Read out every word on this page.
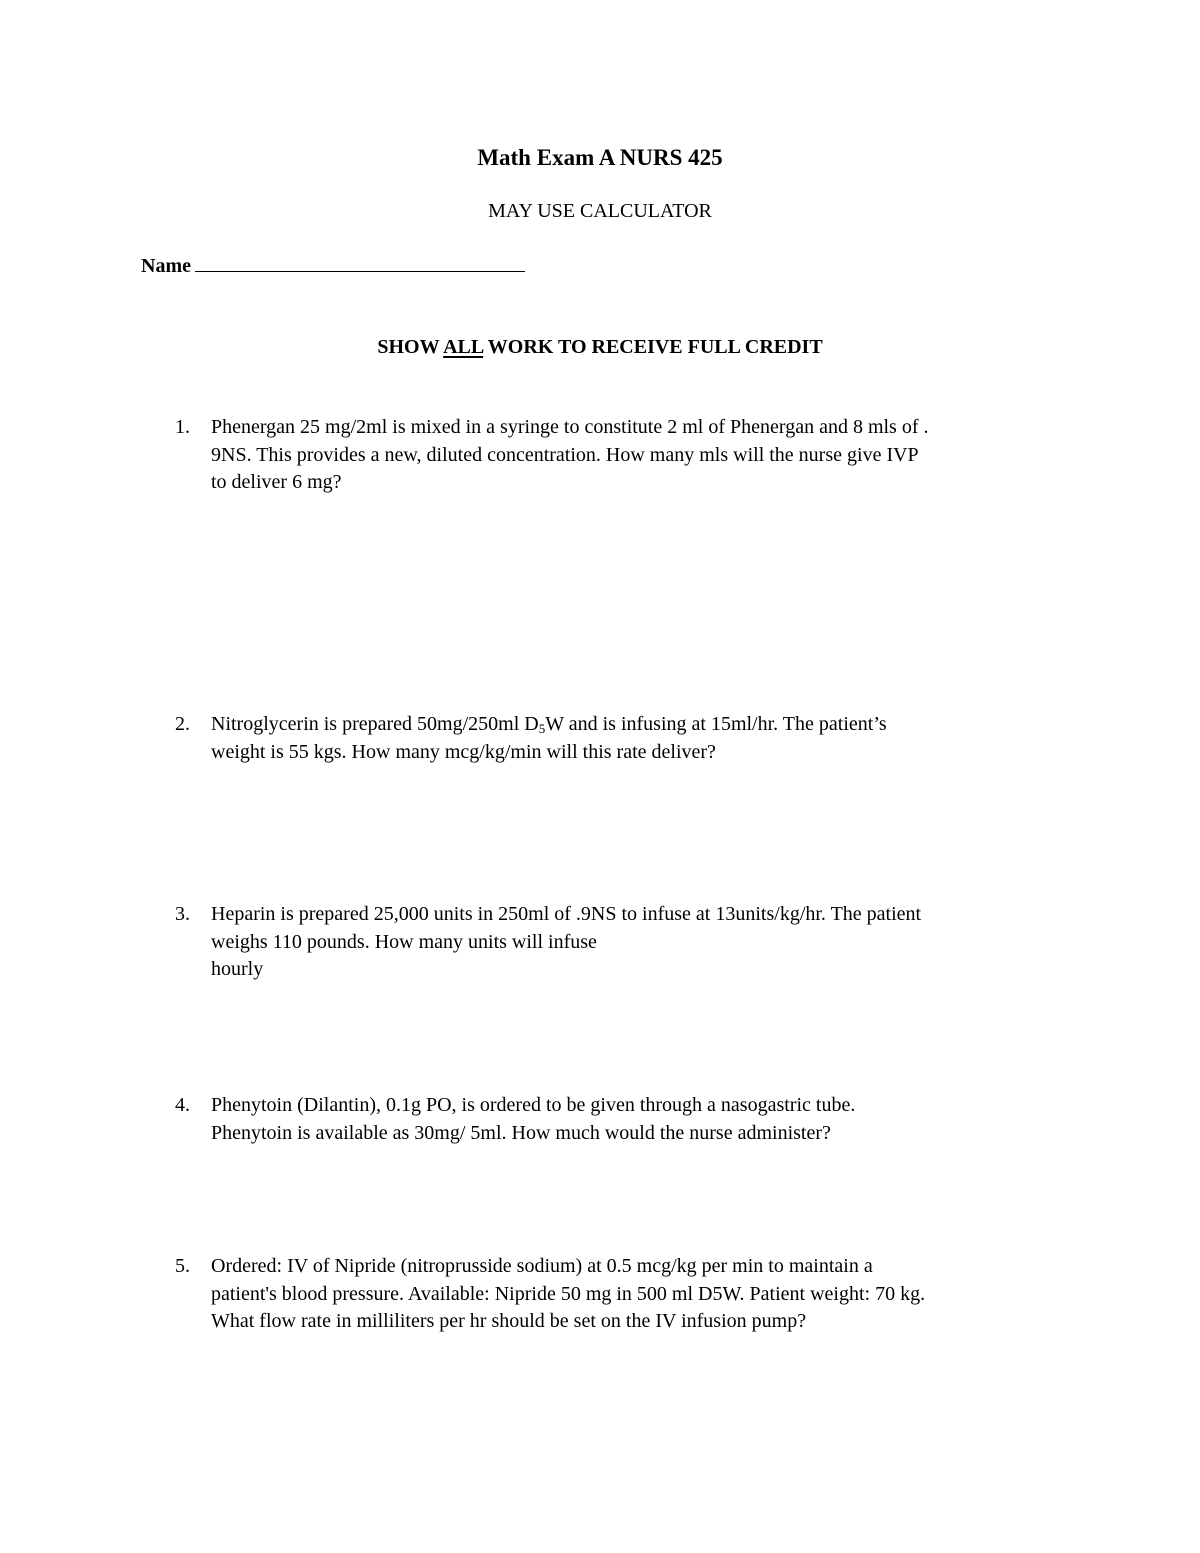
Math Exam A NURS 425
MAY USE CALCULATOR
Name
SHOW ALL WORK TO RECEIVE FULL CREDIT
1.	Phenergan 25 mg/2ml is mixed in a syringe to constitute 2 ml of Phenergan and 8 mls of .
9NS. This provides a new, diluted concentration. How many mls will the nurse give IVP
to deliver 6 mg?
2.	Nitroglycerin is prepared 50mg/250ml $D_5W$ and is infusing at 15ml/hr. The patient’s
weight is 55 kgs. How many mcg/kg/min will this rate deliver?
3.	Heparin is prepared 25,000 units in 250ml of .9NS to infuse at 13units/kg/hr. The patient
weighs 110 pounds. How many units will infuse
hourly
4.	Phenytoin (Dilantin), 0.1g PO, is ordered to be given through a nasogastric tube.
Phenytoin is available as 30mg/ 5ml. How much would the nurse administer?
5.	Ordered: IV of Nipride (nitroprusside sodium) at 0.5 mcg/kg per min to maintain a
patient's blood pressure. Available: Nipride 50 mg in 500 ml D5W. Patient weight: 70 kg.
What flow rate in milliliters per hr should be set on the IV infusion pump?
